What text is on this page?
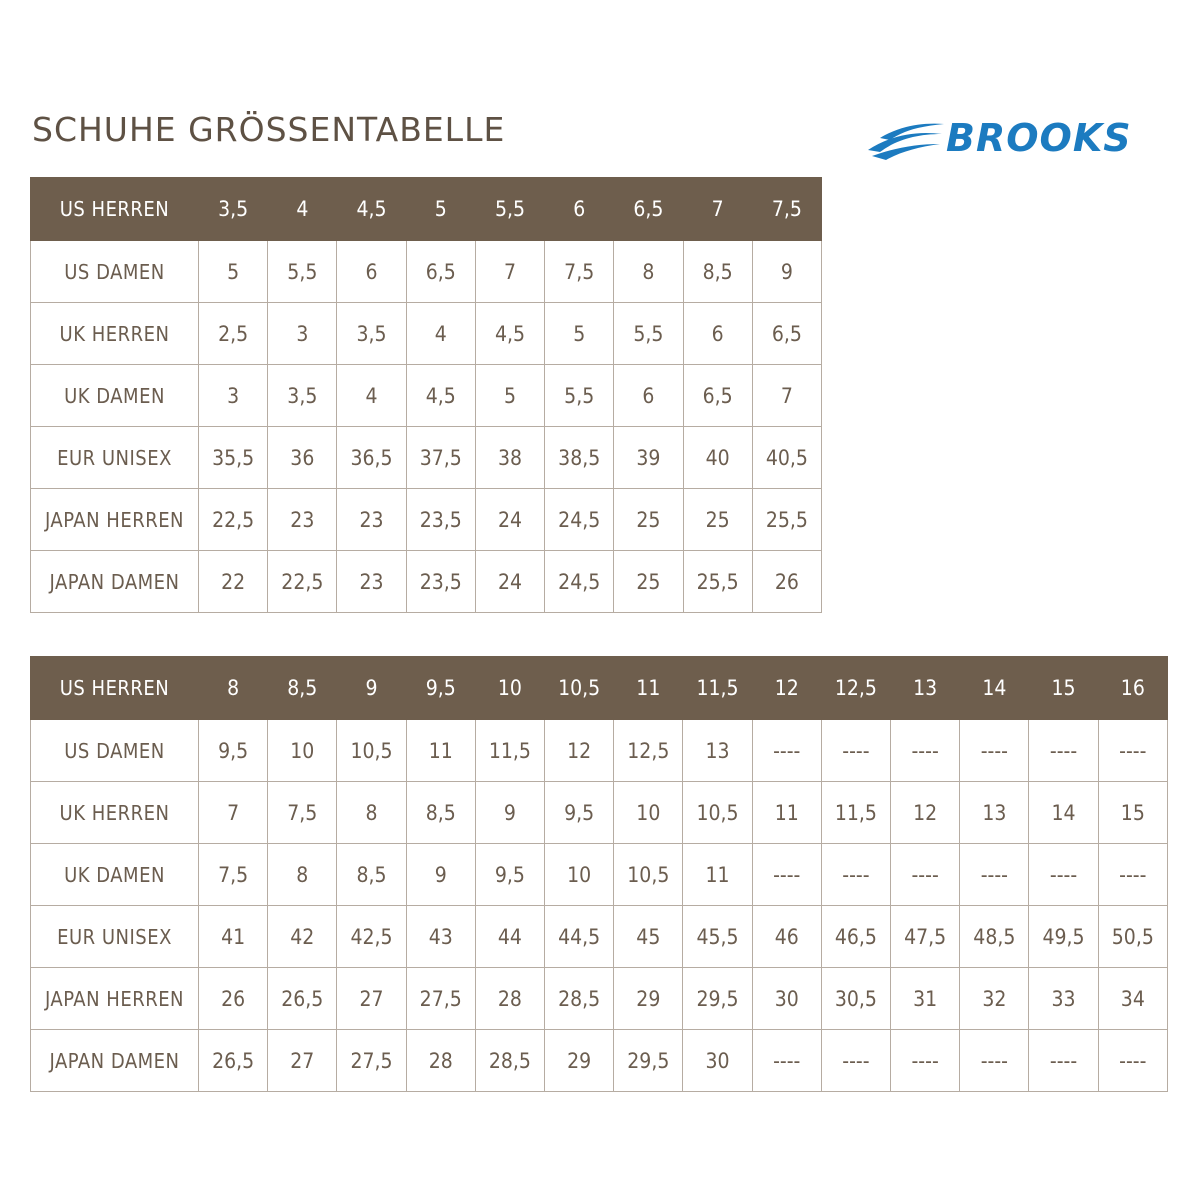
SCHUHE GRÖSSENTABELLE	BROOKS
US HERREN	3,5	4	4,5	5	5,5	6	6,5	7	7,5
US DAMEN	5	5,5	6	6,5	7	7,5	8	8,5	9
UK HERREN	2,5	3	3,5	4	4,5	5	5,5	6	6,5
UK DAMEN	3	3,5	4	4,5	5	5,5	6	6,5	7
EUR UNISEX	35,5	36	36,5	37,5	38	38,5	39	40	40,5
JAPAN HERREN	22,5	23	23	23,5	24	24,5	25	25	25,5
JAPAN DAMEN	22	22,5	23	23,5	24	24,5	25	25,5	26
US HERREN	8	8,5	9	9,5	10	10,5	11	11,5	12	12,5	13	14	15	16
US DAMEN	9,5	10	10,5	11	11,5	12	12,5	13	----	----	----	----	----	----
UK HERREN	7	7,5	8	8,5	9	9,5	10	10,5	11	11,5	12	13	14	15
UK DAMEN	7,5	8	8,5	9	9,5	10	10,5	11	----	----	----	----	----	----
EUR UNISEX	41	42	42,5	43	44	44,5	45	45,5	46	46,5	47,5	48,5	49,5	50,5
JAPAN HERREN	26	26,5	27	27,5	28	28,5	29	29,5	30	30,5	31	32	33	34
JAPAN DAMEN	26,5	27	27,5	28	28,5	29	29,5	30	----	----	----	----	----	----
